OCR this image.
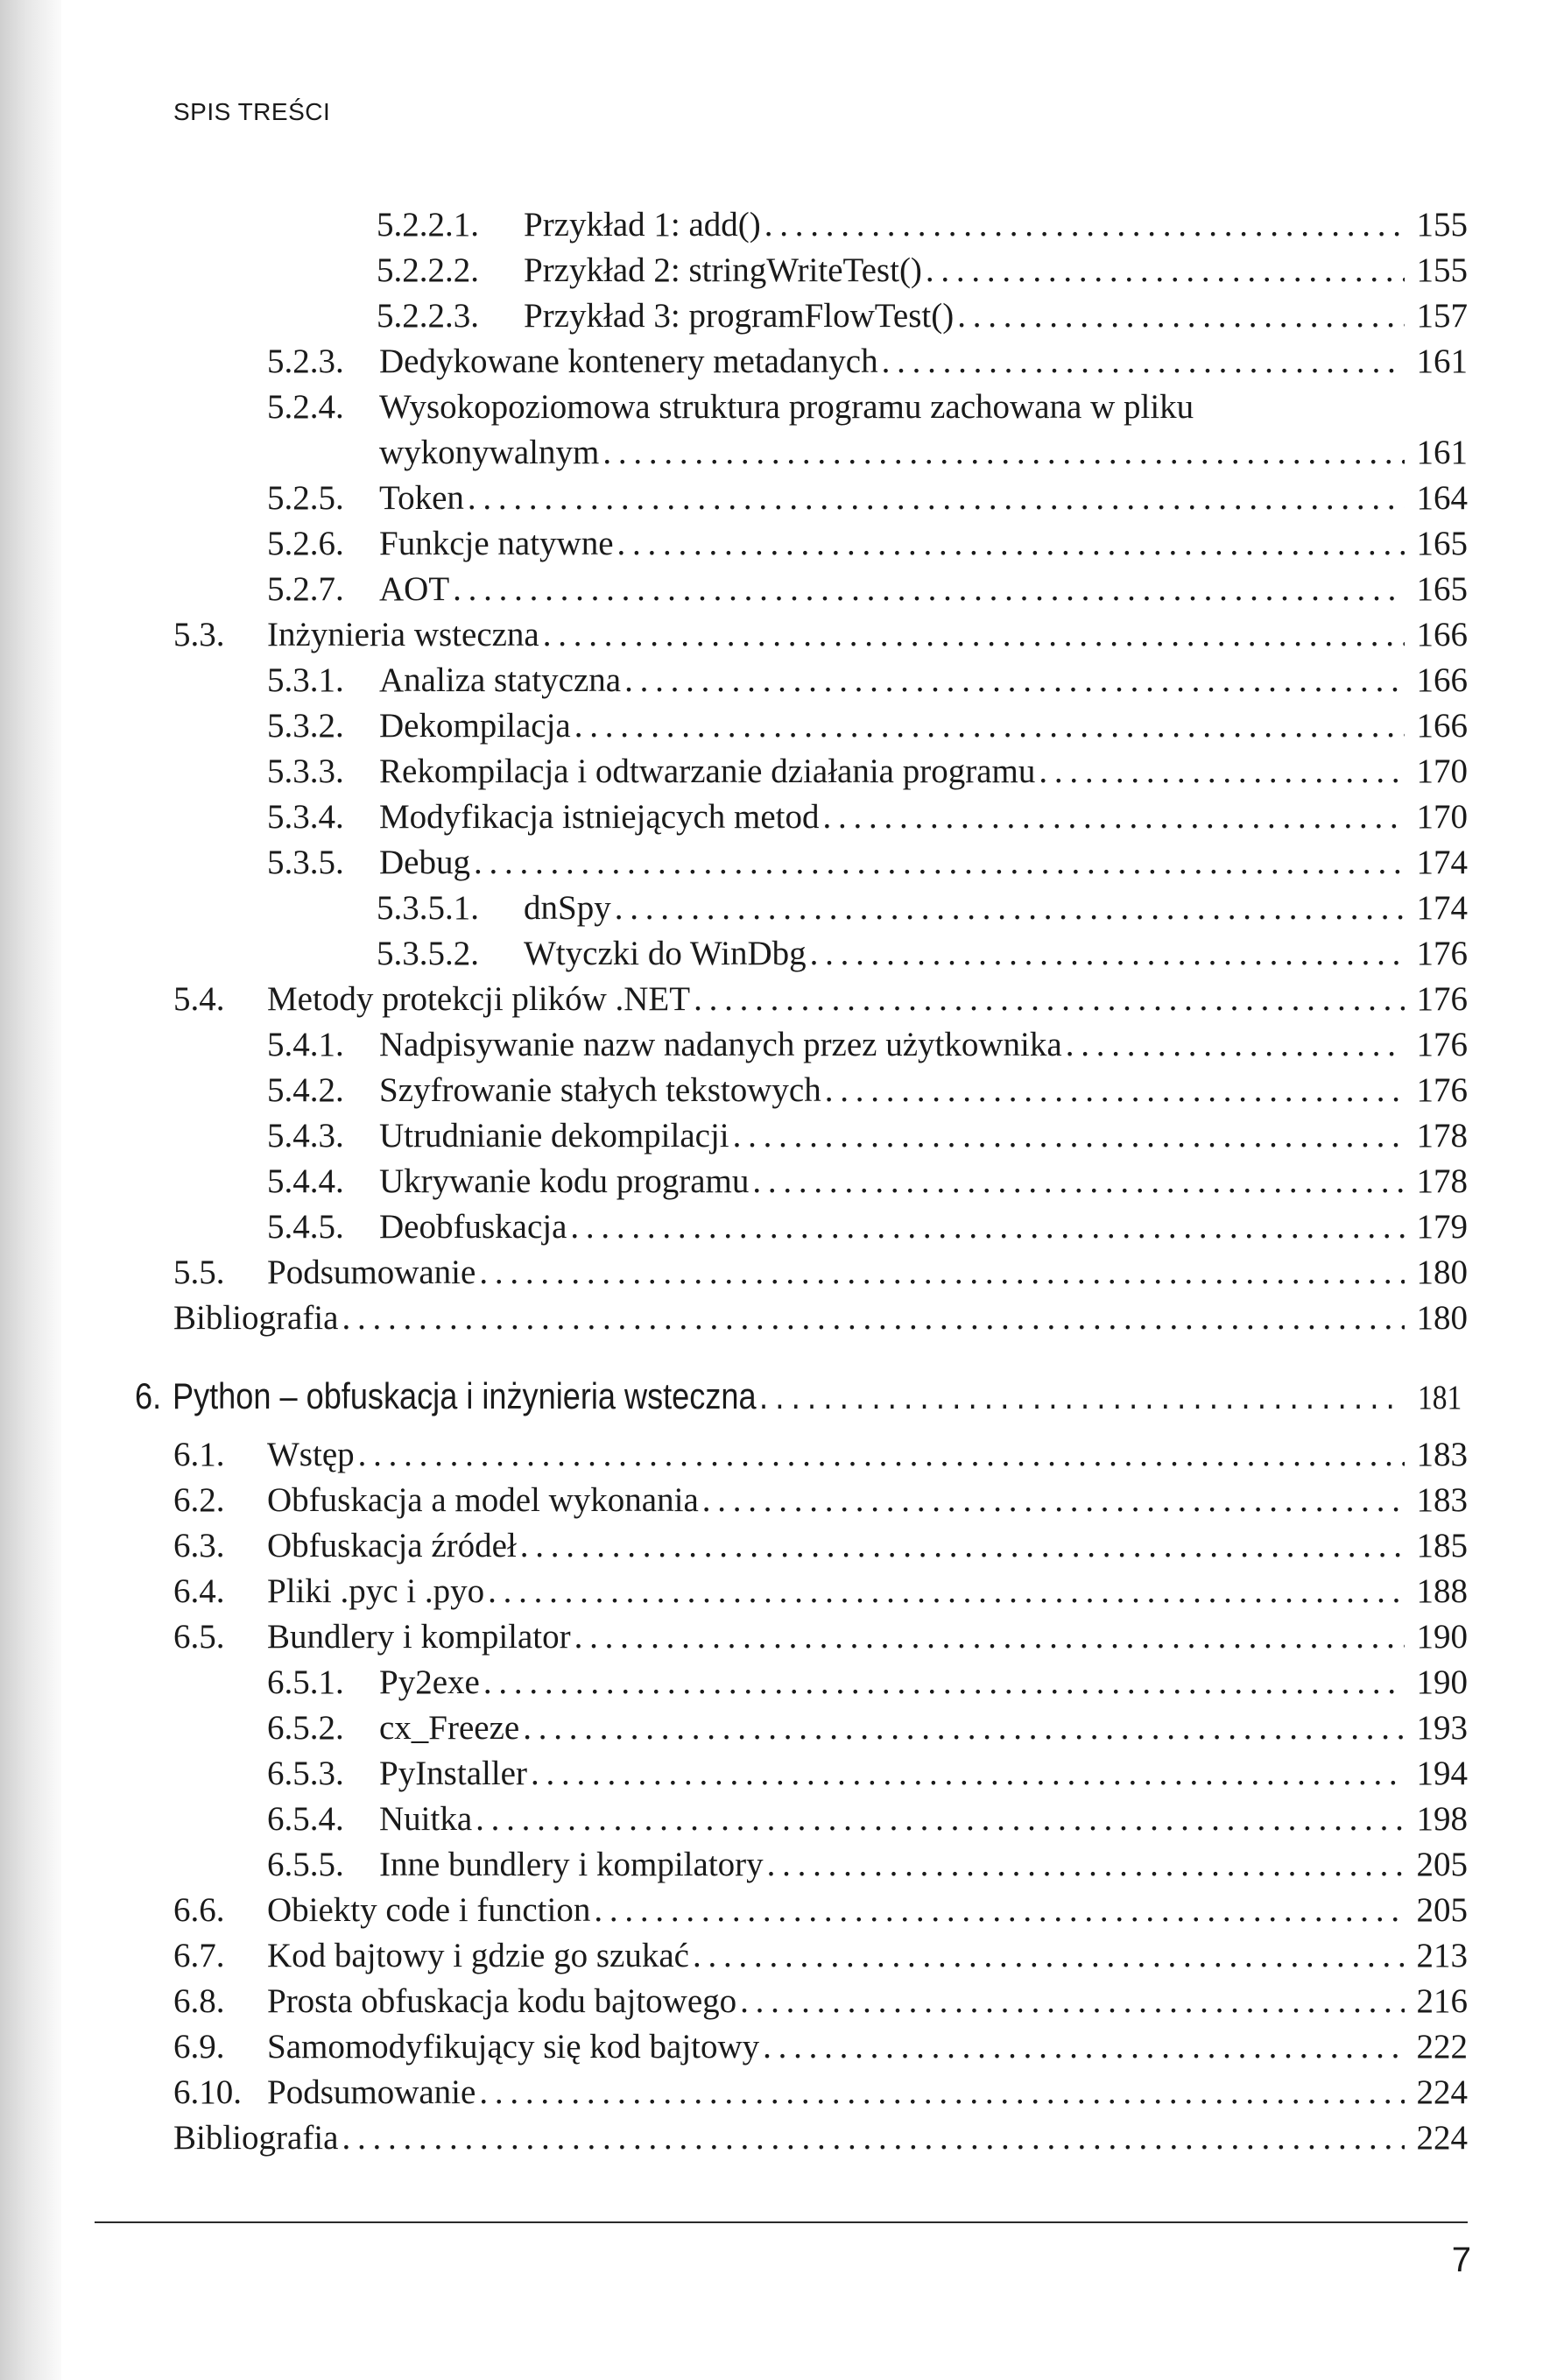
SPIS TREŚCI
5.2.2.1.	Przykład 1: add() . . .	155
5.2.2.2.	Przykład 2: stringWriteTest() . . .	155
5.2.2.3.	Przykład 3: programFlowTest() . . .	157
5.2.3.	Dedykowane kontenery metadanych . . .	161
5.2.4. Wysokopoziomowa struktura programu zachowana w pliku
wykonywalnym . . .	161
5.2.5.	Token . . .	164
5.2.6.	Funkcje natywne . . .	165
5.2.7.	AOT . . .	165
5.3.	Inżynieria wsteczna . . .	166
5.3.1.	Analiza statyczna . . .	166
5.3.2.	Dekompilacja . . .	166
5.3.3.	Rekompilacja i odtwarzanie działania programu . . .	170
5.3.4.	Modyfikacja istniejących metod . . .	170
5.3.5.	Debug . . .	174
5.3.5.1.	dnSpy . . .	174
5.3.5.2.	Wtyczki do WinDbg . . .	176
5.4.	Metody protekcji plików .NET . . .	176
5.4.1.	Nadpisywanie nazw nadanych przez użytkownika . . .	176
5.4.2.	Szyfrowanie stałych tekstowych . . .	176
5.4.3.	Utrudnianie dekompilacji . . .	178
5.4.4.	Ukrywanie kodu programu . . .	178
5.4.5.	Deobfuskacja . . .	179
5.5.	Podsumowanie . . .	180
Bibliografia . . .	180
6. Python – obfuskacja i inżynieria wsteczna . . .	181
6.1.	Wstęp . . .	183
6.2.	Obfuskacja a model wykonania . . .	183
6.3.	Obfuskacja źródeł . . .	185
6.4.	Pliki .pyc i .pyo . . .	188
6.5.	Bundlery i kompilator . . .	190
6.5.1.	Py2exe . . .	190
6.5.2.	cx_Freeze . . .	193
6.5.3.	PyInstaller . . .	194
6.5.4.	Nuitka . . .	198
6.5.5.	Inne bundlery i kompilatory . . .	205
6.6.	Obiekty code i function . . .	205
6.7.	Kod bajtowy i gdzie go szukać . . .	213
6.8.	Prosta obfuskacja kodu bajtowego . . .	216
6.9.	Samomodyfikujący się kod bajtowy . . .	222
6.10. Podsumowanie . . .	224
Bibliografia . . .	224
7
